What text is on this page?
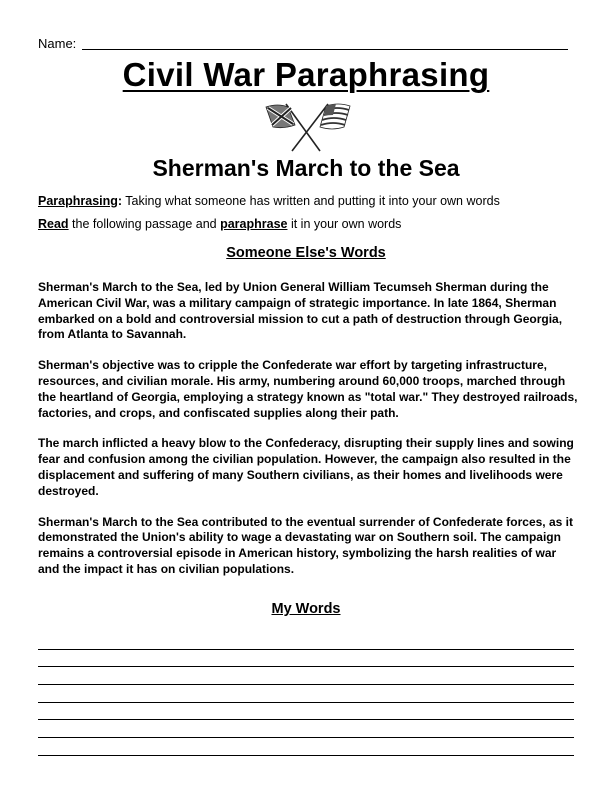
Name:
Civil War Paraphrasing
Sherman's March to the Sea
Paraphrasing: Taking what someone has written and putting it into your own words
Read the following passage and paraphrase it in your own words
Someone Else's Words

Sherman's March to the Sea, led by Union General William Tecumseh Sherman during the American Civil War, was a military campaign of strategic importance. In late 1864, Sherman embarked on a bold and controversial mission to cut a path of destruction through Georgia, from Atlanta to Savannah.

Sherman's objective was to cripple the Confederate war effort by targeting infrastructure, resources, and civilian morale. His army, numbering around 60,000 troops, marched through the heartland of Georgia, employing a strategy known as "total war." They destroyed railroads, factories, and crops, and confiscated supplies along their path.

The march inflicted a heavy blow to the Confederacy, disrupting their supply lines and sowing fear and confusion among the civilian population. However, the campaign also resulted in the displacement and suffering of many Southern civilians, as their homes and livelihoods were destroyed.

Sherman's March to the Sea contributed to the eventual surrender of Confederate forces, as it demonstrated the Union's ability to wage a devastating war on Southern soil. The campaign remains a controversial episode in American history, symbolizing the harsh realities of war and the impact it has on civilian populations.

My Words
